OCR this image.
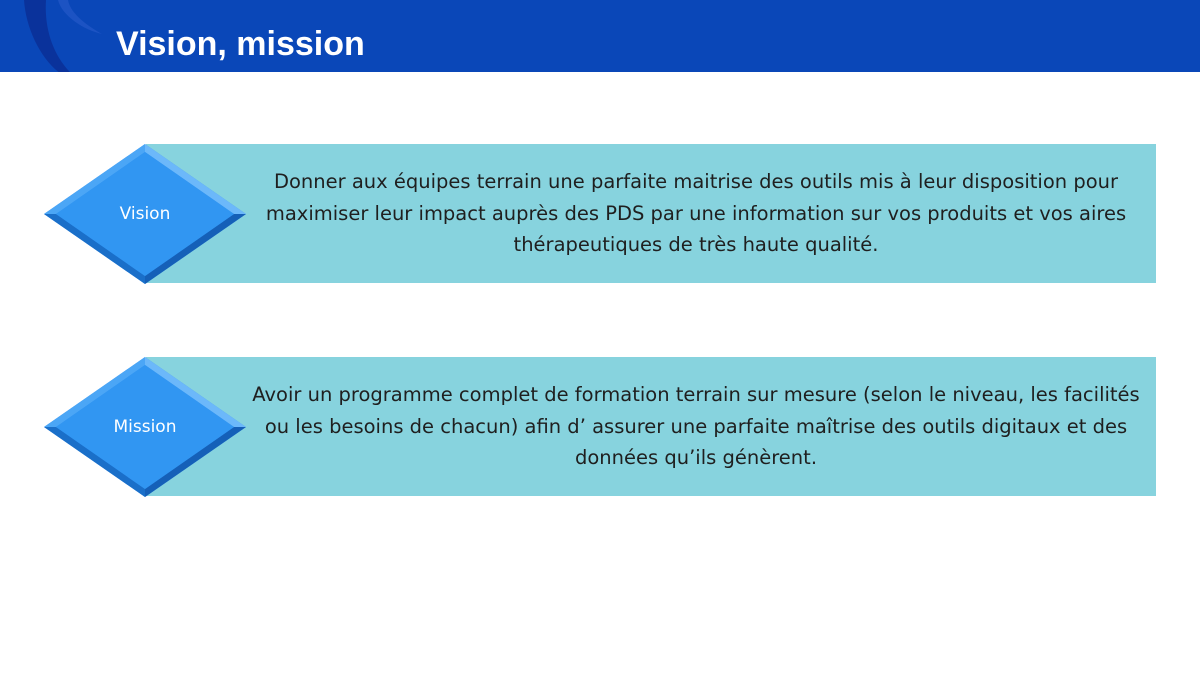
Vision, mission
Donner aux équipes terrain une parfaite maitrise des outils mis à leur disposition pour maximiser leur impact auprès des PDS par une information sur vos produits et vos aires thérapeutiques de très haute qualité.
Vision
Avoir un programme complet de formation terrain sur mesure (selon le niveau, les facilités ou les besoins de chacun) afin d’ assurer une parfaite maîtrise des outils digitaux et des données qu’ils génèrent.
Mission
